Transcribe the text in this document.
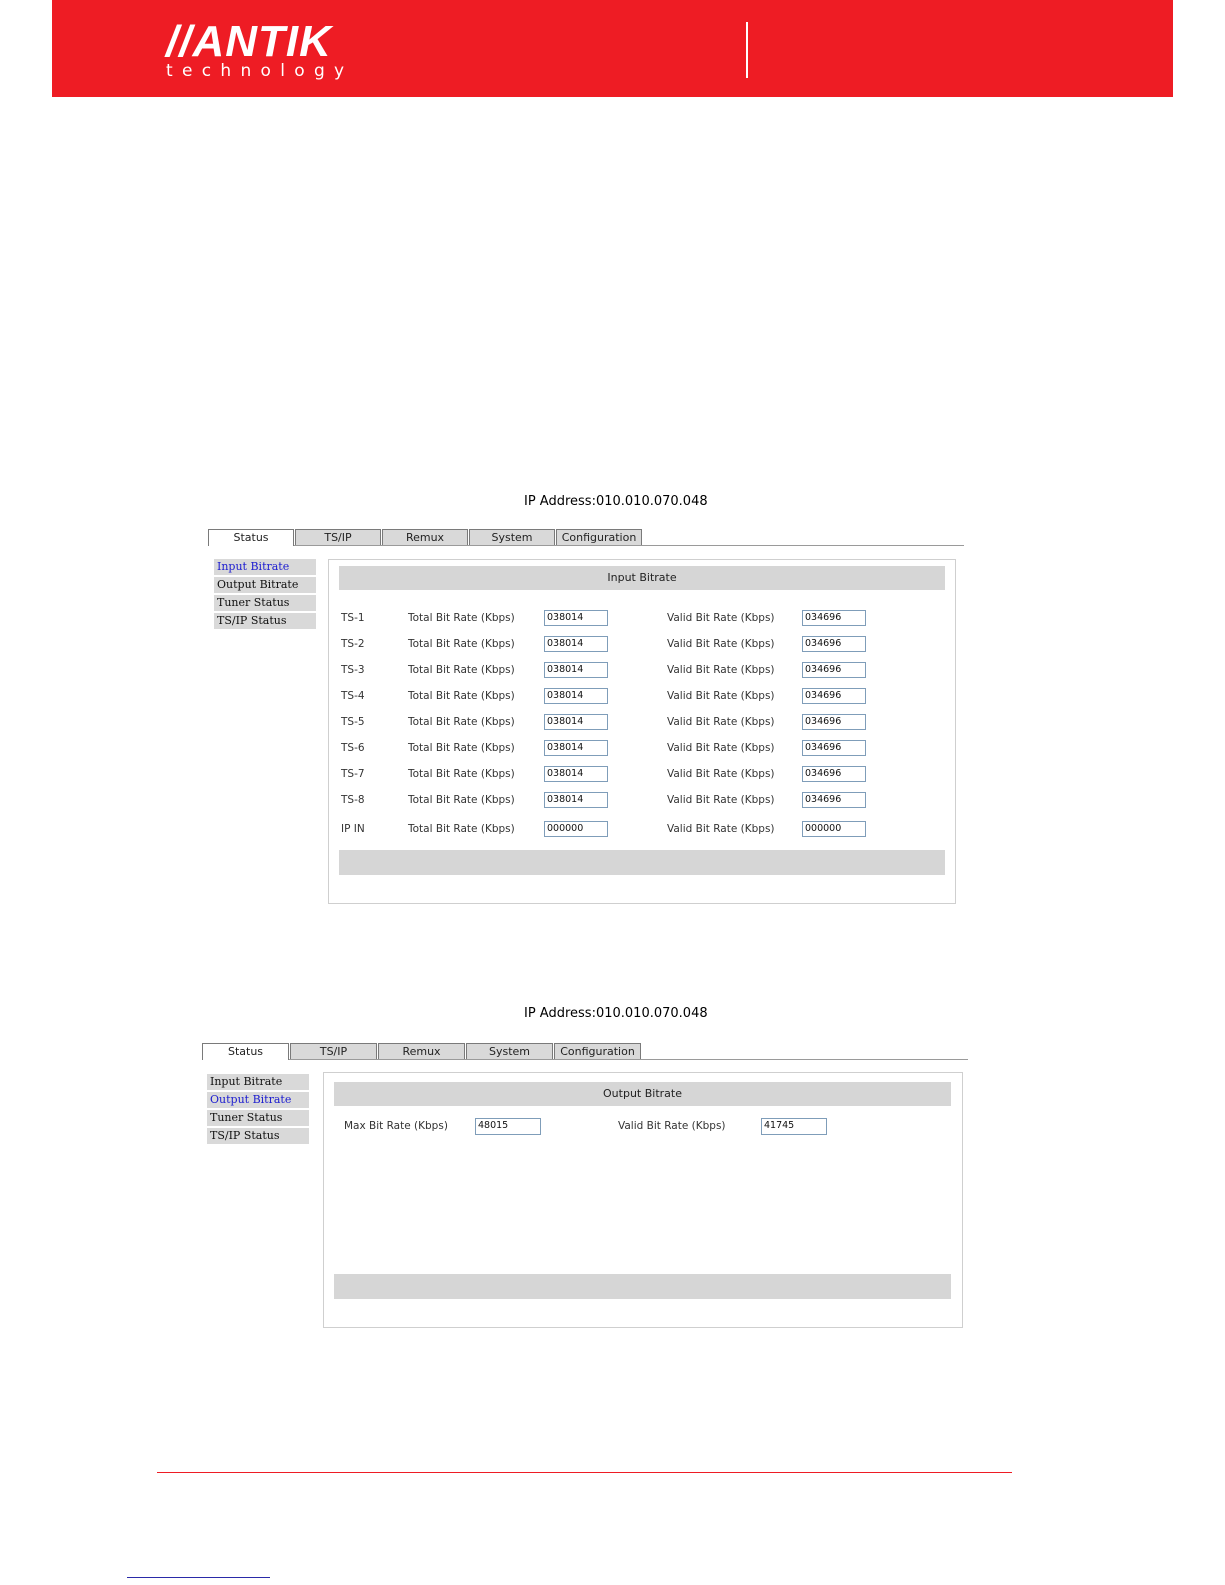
//ANTIK
technology
IP Address:010.010.070.048
Status	TS/IP	Remux	System	Configuration
Input Bitrate
Output Bitrate
Tuner Status
TS/IP Status
Input Bitrate
TS-1	Total Bit Rate (Kbps)	038014	Valid Bit Rate (Kbps)	034696
TS-2	Total Bit Rate (Kbps)	038014	Valid Bit Rate (Kbps)	034696
TS-3	Total Bit Rate (Kbps)	038014	Valid Bit Rate (Kbps)	034696
TS-4	Total Bit Rate (Kbps)	038014	Valid Bit Rate (Kbps)	034696
TS-5	Total Bit Rate (Kbps)	038014	Valid Bit Rate (Kbps)	034696
TS-6	Total Bit Rate (Kbps)	038014	Valid Bit Rate (Kbps)	034696
TS-7	Total Bit Rate (Kbps)	038014	Valid Bit Rate (Kbps)	034696
TS-8	Total Bit Rate (Kbps)	038014	Valid Bit Rate (Kbps)	034696
IP IN	Total Bit Rate (Kbps)	000000	Valid Bit Rate (Kbps)	000000
IP Address:010.010.070.048
Status	TS/IP	Remux	System	Configuration
Input Bitrate
Output Bitrate
Tuner Status
TS/IP Status
Output Bitrate
Max Bit Rate (Kbps)	48015	Valid Bit Rate (Kbps)	41745
